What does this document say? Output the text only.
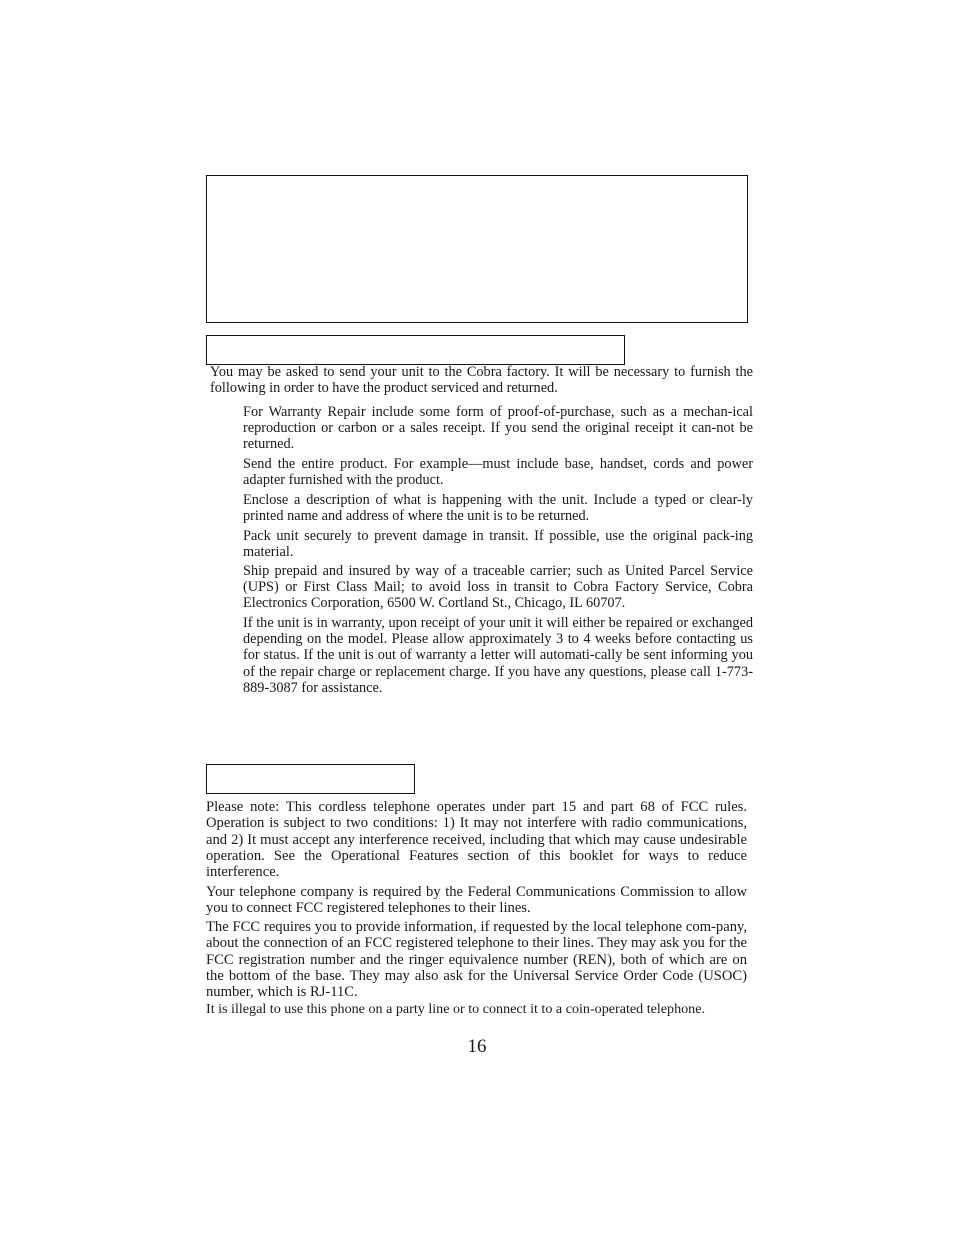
You may be asked to send your unit to the Cobra factory. It will be necessary to furnish the following in order to have the product serviced and returned.

For Warranty Repair include some form of proof-of-purchase, such as a mechan-ical reproduction or carbon or a sales receipt. If you send the original receipt it can-not be returned.

Send the entire product. For example—must include base, handset, cords and power adapter furnished with the product.

Enclose a description of what is happening with the unit. Include a typed or clear-ly printed name and address of where the unit is to be returned.

Pack unit securely to prevent damage in transit. If possible, use the original pack-ing material.

Ship prepaid and insured by way of a traceable carrier; such as United Parcel Service (UPS) or First Class Mail; to avoid loss in transit to Cobra Factory Service, Cobra Electronics Corporation, 6500 W. Cortland St., Chicago, IL 60707.

If the unit is in warranty, upon receipt of your unit it will either be repaired or exchanged depending on the model. Please allow approximately 3 to 4 weeks before contacting us for status. If the unit is out of warranty a letter will automati-cally be sent informing you of the repair charge or replacement charge. If you have any questions, please call 1-773-889-3087 for assistance.

Please note: This cordless telephone operates under part 15 and part 68 of FCC rules. Operation is subject to two conditions: 1) It may not interfere with radio communications, and 2) It must accept any interference received, including that which may cause undesirable operation. See the Operational Features section of this booklet for ways to reduce interference.

Your telephone company is required by the Federal Communications Commission to allow you to connect FCC registered telephones to their lines.

The FCC requires you to provide information, if requested by the local telephone com-pany, about the connection of an FCC registered telephone to their lines. They may ask you for the FCC registration number and the ringer equivalence number (REN), both of which are on the bottom of the base. They may also ask for the Universal Service Order Code (USOC) number, which is RJ-11C.

It is illegal to use this phone on a party line or to connect it to a coin-operated telephone.

16
